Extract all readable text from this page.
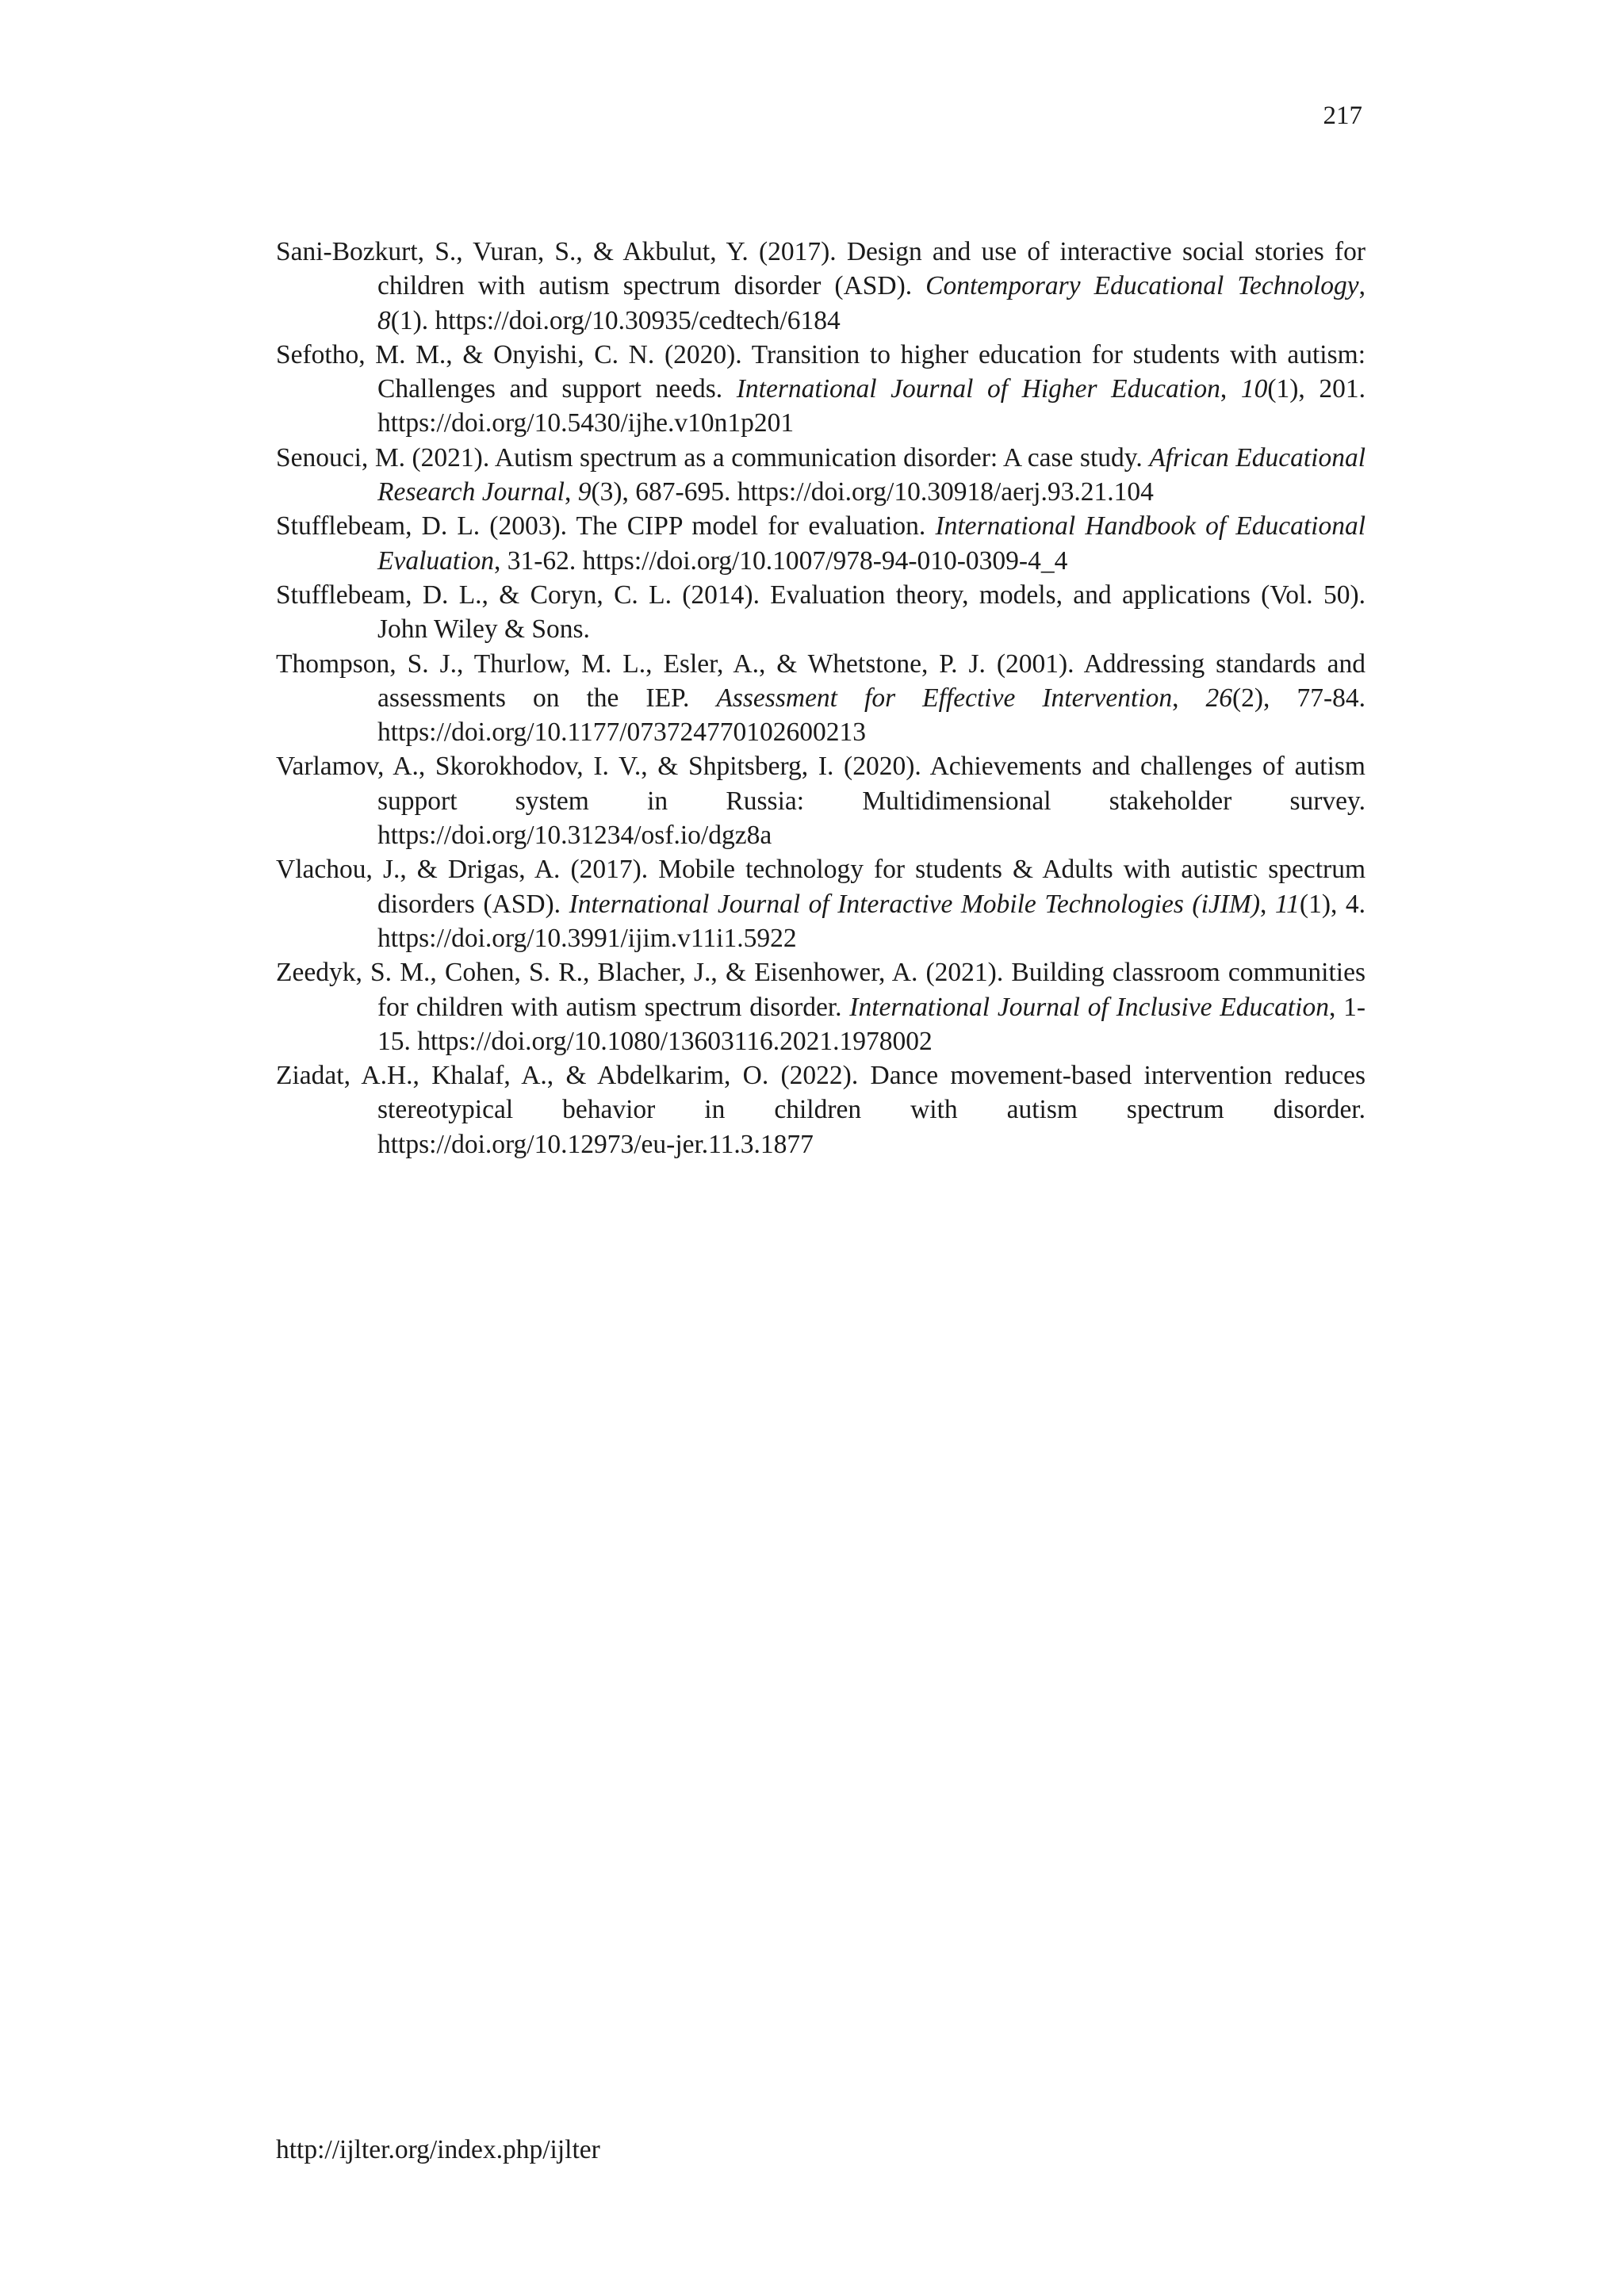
217

Sani-Bozkurt, S., Vuran, S., & Akbulut, Y. (2017). Design and use of interactive social stories for children with autism spectrum disorder (ASD). Contemporary Educational Technology, 8(1). https://doi.org/10.30935/cedtech/6184

Sefotho, M. M., & Onyishi, C. N. (2020). Transition to higher education for students with autism: Challenges and support needs. International Journal of Higher Education, 10(1), 201. https://doi.org/10.5430/ijhe.v10n1p201

Senouci, M. (2021). Autism spectrum as a communication disorder: A case study. African Educational Research Journal, 9(3), 687-695. https://doi.org/10.30918/aerj.93.21.104

Stufflebeam, D. L. (2003). The CIPP model for evaluation. International Handbook of Educational Evaluation, 31-62. https://doi.org/10.1007/978-94-010-0309-4_4

Stufflebeam, D. L., & Coryn, C. L. (2014). Evaluation theory, models, and applications (Vol. 50). John Wiley & Sons.

Thompson, S. J., Thurlow, M. L., Esler, A., & Whetstone, P. J. (2001). Addressing standards and assessments on the IEP. Assessment for Effective Intervention, 26(2), 77-84. https://doi.org/10.1177/073724770102600213

Varlamov, A., Skorokhodov, I. V., & Shpitsberg, I. (2020). Achievements and challenges of autism support system in Russia: Multidimensional stakeholder survey. https://doi.org/10.31234/osf.io/dgz8a

Vlachou, J., & Drigas, A. (2017). Mobile technology for students & Adults with autistic spectrum disorders (ASD). International Journal of Interactive Mobile Technologies (iJIM), 11(1), 4. https://doi.org/10.3991/ijim.v11i1.5922

Zeedyk, S. M., Cohen, S. R., Blacher, J., & Eisenhower, A. (2021). Building classroom communities for children with autism spectrum disorder. International Journal of Inclusive Education, 1-15. https://doi.org/10.1080/13603116.2021.1978002

Ziadat, A.H., Khalaf, A., & Abdelkarim, O. (2022). Dance movement-based intervention reduces stereotypical behavior in children with autism spectrum disorder. https://doi.org/10.12973/eu-jer.11.3.1877

http://ijlter.org/index.php/ijlter
